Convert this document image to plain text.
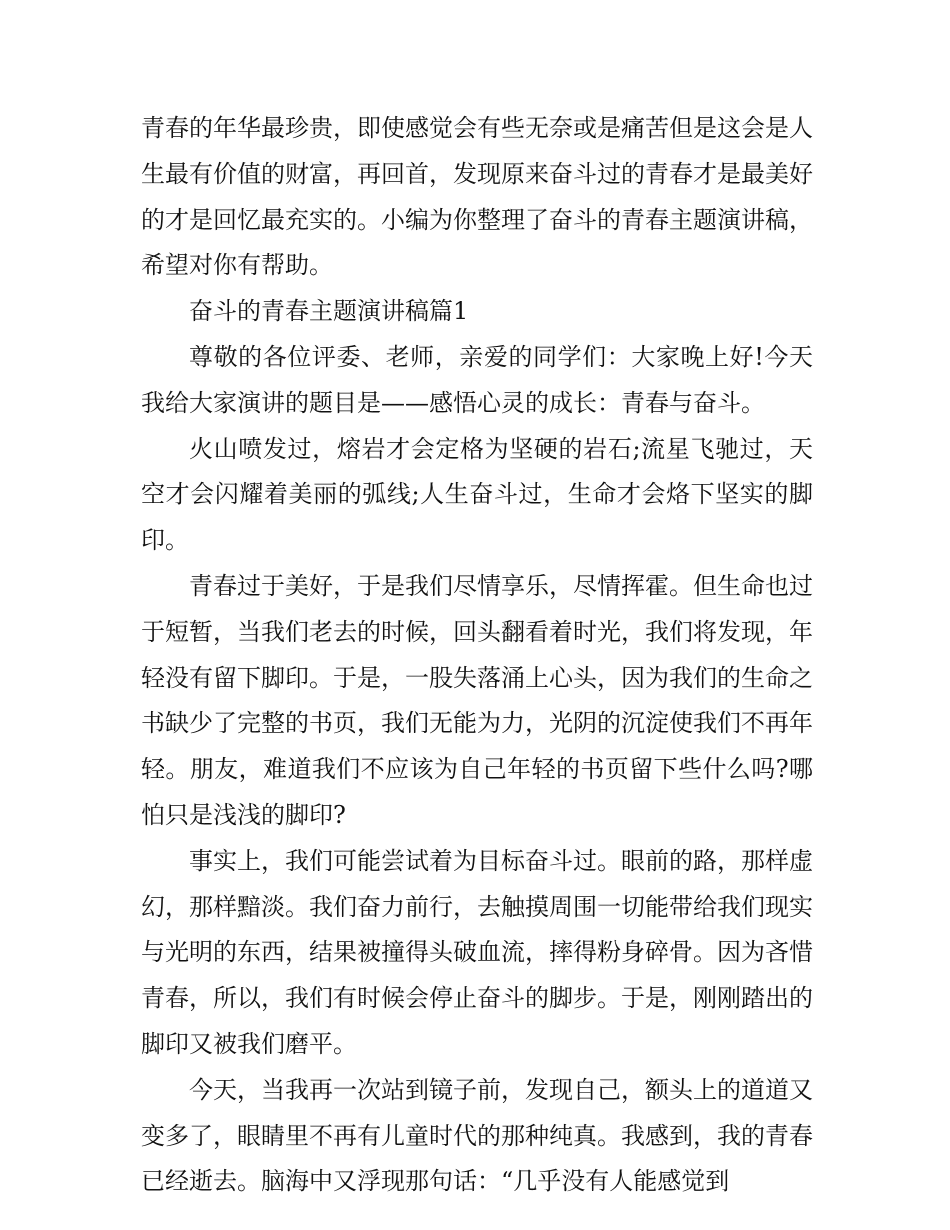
青春的年华最珍贵，即使感觉会有些无奈或是痛苦但是这会是人生最有价值的财富，再回首，发现原来奋斗过的青春才是最美好的才是回忆最充实的。小编为你整理了奋斗的青春主题演讲稿，希望对你有帮助。

奋斗的青春主题演讲稿篇1

尊敬的各位评委、老师，亲爱的同学们：大家晚上好!今天我给大家演讲的题目是——感悟心灵的成长：青春与奋斗。

火山喷发过，熔岩才会定格为坚硬的岩石;流星飞驰过，天空才会闪耀着美丽的弧线;人生奋斗过，生命才会烙下坚实的脚印。

青春过于美好，于是我们尽情享乐，尽情挥霍。但生命也过于短暂，当我们老去的时候，回头翻看着时光，我们将发现，年轻没有留下脚印。于是，一股失落涌上心头，因为我们的生命之书缺少了完整的书页，我们无能为力，光阴的沉淀使我们不再年轻。朋友，难道我们不应该为自己年轻的书页留下些什么吗?哪怕只是浅浅的脚印?

事实上，我们可能尝试着为目标奋斗过。眼前的路，那样虚幻，那样黯淡。我们奋力前行，去触摸周围一切能带给我们现实与光明的东西，结果被撞得头破血流，摔得粉身碎骨。因为吝惜青春，所以，我们有时候会停止奋斗的脚步。于是，刚刚踏出的脚印又被我们磨平。

今天，当我再一次站到镜子前，发现自己，额头上的道道又变多了，眼睛里不再有儿童时代的那种纯真。我感到，我的青春已经逝去。脑海中又浮现那句话：“几乎没有人能感觉到
